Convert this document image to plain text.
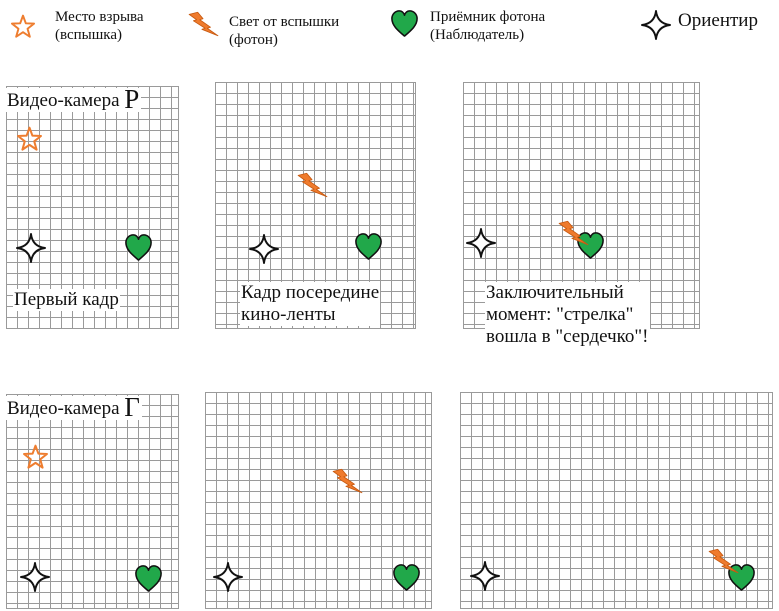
Место взрыва
(вспышка)
Свет от вспышки
(фотон)
Приёмник фотона
(Наблюдатель)
Ориентир
Видео-камера Р
Первый кадр	Кадр посередине
кино-ленты
Заключительный
момент: "стрелка"
вошла в "сердечко"!
Видео-камера Г
